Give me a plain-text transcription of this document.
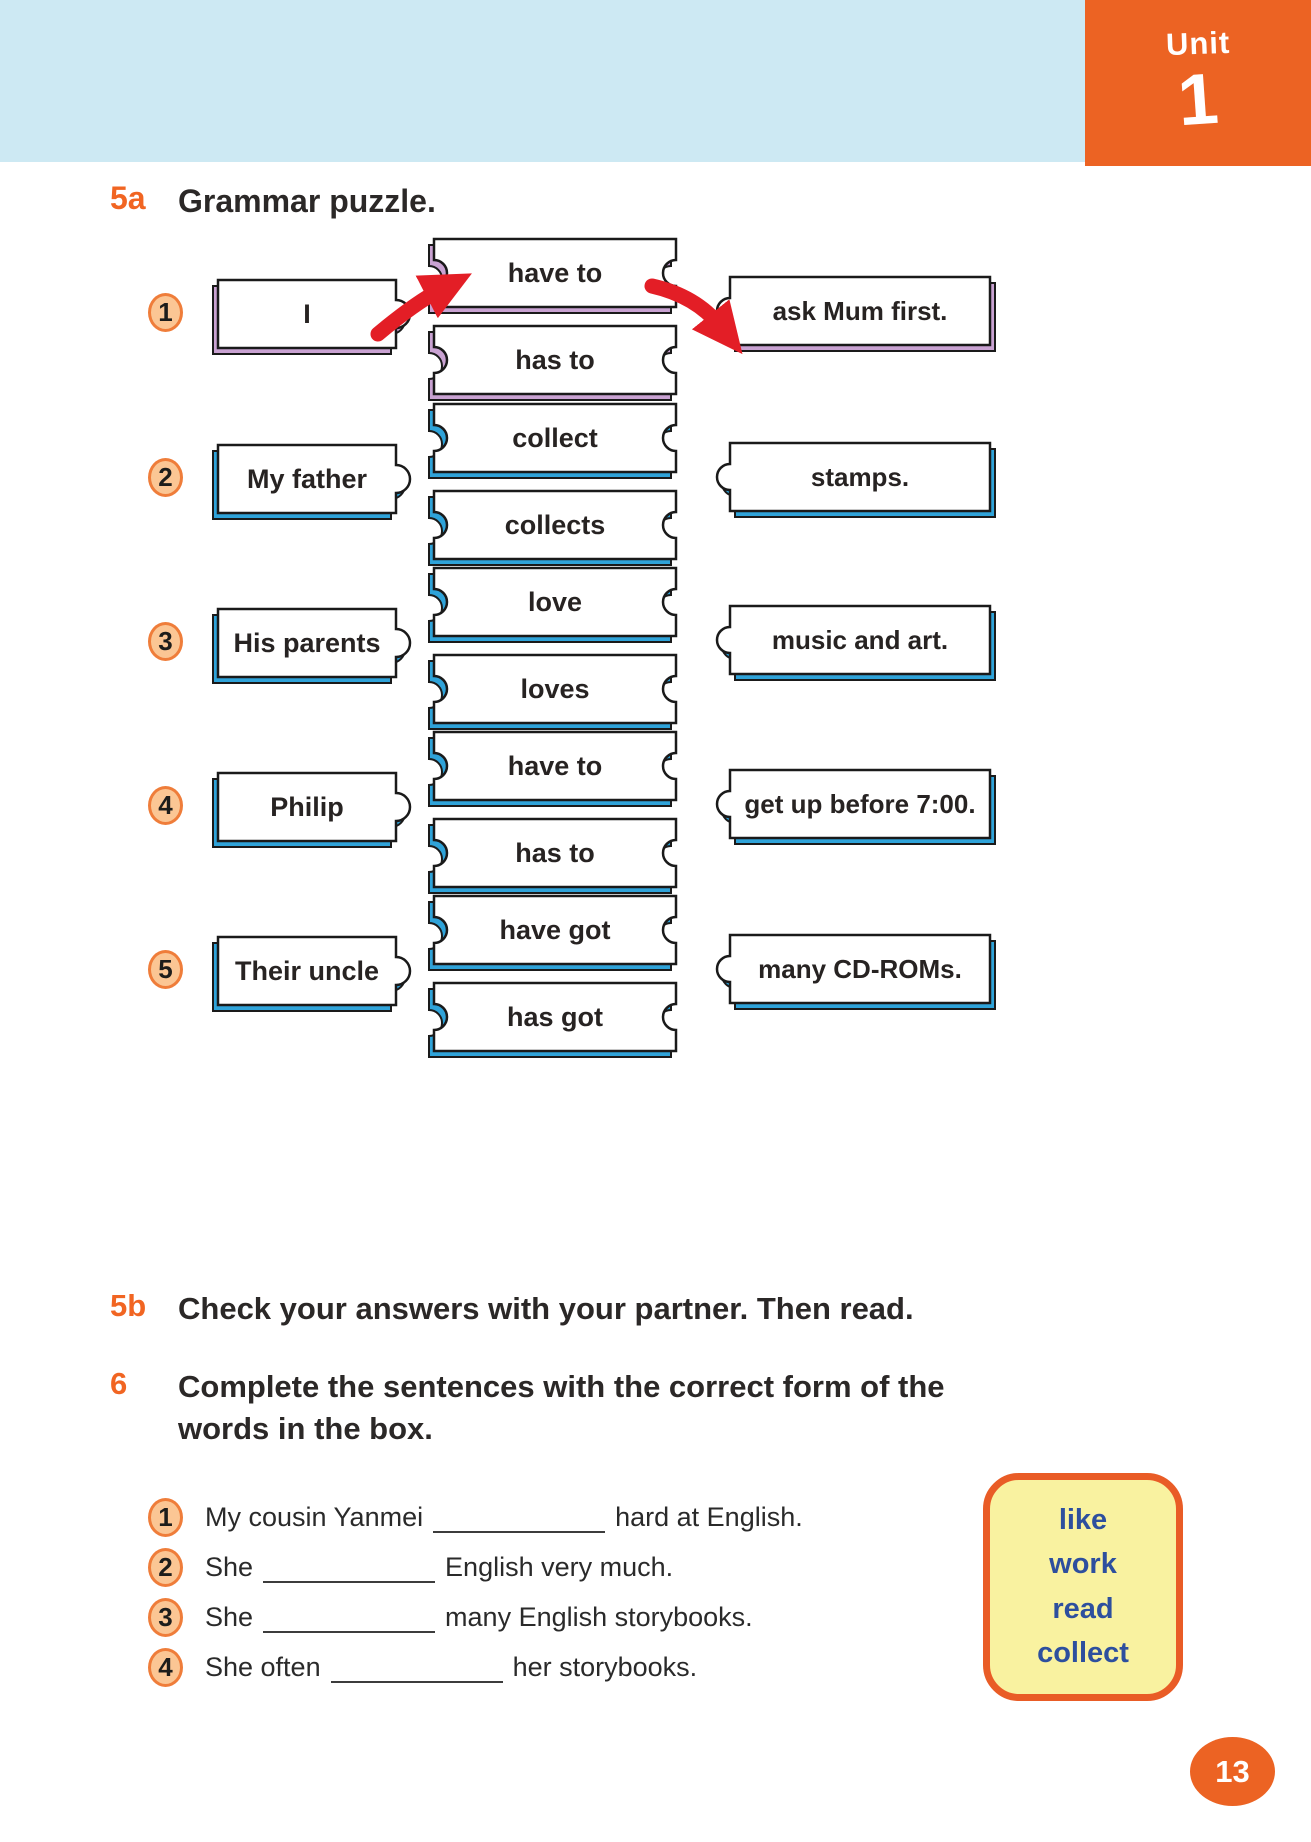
Unit
1
5a	Grammar puzzle.
1	I
have to
has to
ask Mum first.
2	My father
collect
collects
stamps.
3	His parents
love
loves
music and art.
4	Philip
have to
has to
get up before 7:00.
5	Their uncle
have got
has got
many CD-ROMs.
5b	Check your answers with your partner. Then read.
6	Complete the sentences with the correct form of the
words in the box.
1 My cousin Yanmei	hard at English.
2 She	English very much.
3 She	many English storybooks.
4 She often	her storybooks.
like
work
read
collect
13
